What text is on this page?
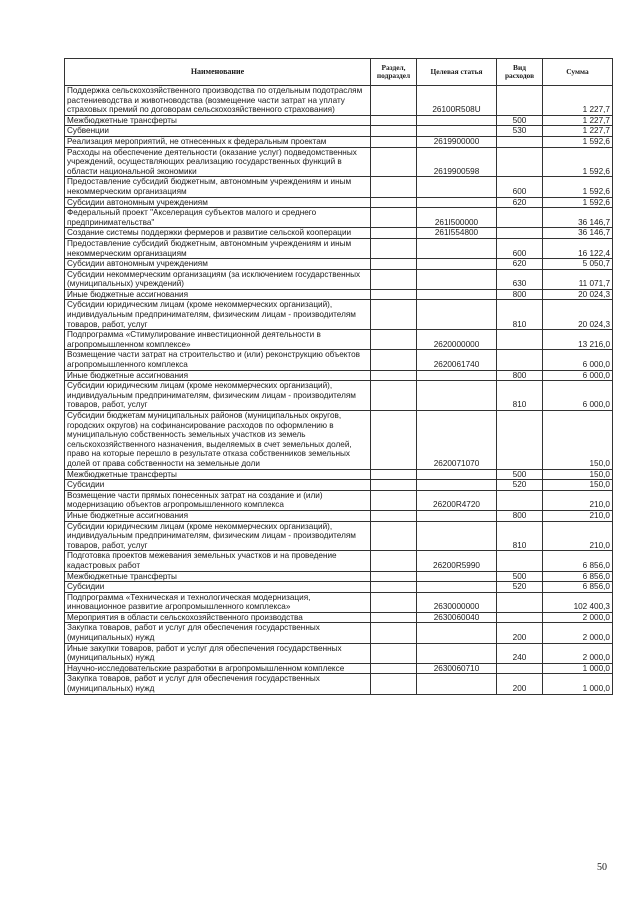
Наименование	Раздел, подраздел	Целевая статья	Вид расходов	Сумма
Поддержка сельскохозяйственного производства по отдельным подотраслям растениеводства и животноводства (возмещение части затрат на уплату страховых премий по договорам сельскохозяйственного страхования)		26100R508U		1 227,7
Межбюджетные трансферты			500	1 227,7
Субвенции			530	1 227,7
Реализация мероприятий, не отнесенных к федеральным проектам		2619900000		1 592,6
Расходы на обеспечение деятельности (оказание услуг) подведомственных учреждений, осуществляющих реализацию государственных функций в области национальной экономики		2619900598		1 592,6
Предоставление субсидий бюджетным, автономным учреждениям и иным некоммерческим организациям			600	1 592,6
Субсидии автономным учреждениям			620	1 592,6
Федеральный проект "Акселерация субъектов малого и среднего предпринимательства"		261I500000		36 146,7
Создание системы поддержки фермеров и развитие сельской кооперации		261I554800		36 146,7
Предоставление субсидий бюджетным, автономным учреждениям и иным некоммерческим организациям			600	16 122,4
Субсидии автономным учреждениям			620	5 050,7
Субсидии некоммерческим организациям (за исключением государственных (муниципальных) учреждений)			630	11 071,7
Иные бюджетные ассигнования			800	20 024,3
Субсидии юридическим лицам (кроме некоммерческих организаций), индивидуальным предпринимателям, физическим лицам - производителям товаров, работ, услуг			810	20 024,3
Подпрограмма «Стимулирование инвестиционной деятельности в агропромышленном комплексе»		2620000000		13 216,0
Возмещение части затрат на строительство и (или) реконструкцию объектов агропромышленного комплекса		2620061740		6 000,0
Иные бюджетные ассигнования			800	6 000,0
Субсидии юридическим лицам (кроме некоммерческих организаций), индивидуальным предпринимателям, физическим лицам - производителям товаров, работ, услуг			810	6 000,0
Субсидии бюджетам муниципальных районов (муниципальных округов, городских округов) на софинансирование расходов по оформлению в муниципальную собственность земельных участков из земель сельскохозяйственного назначения, выделяемых в счет земельных долей, право на которые перешло в результате отказа собственников земельных долей от права собственности на земельные доли		2620071070		150,0
Межбюджетные трансферты			500	150,0
Субсидии			520	150,0
Возмещение части прямых понесенных затрат на создание и (или) модернизацию объектов агропромышленного комплекса		26200R4720		210,0
Иные бюджетные ассигнования			800	210,0
Субсидии юридическим лицам (кроме некоммерческих организаций), индивидуальным предпринимателям, физическим лицам - производителям товаров, работ, услуг			810	210,0
Подготовка проектов межевания земельных участков и на проведение кадастровых работ		26200R5990		6 856,0
Межбюджетные трансферты			500	6 856,0
Субсидии			520	6 856,0
Подпрограмма «Техническая и технологическая модернизация, инновационное развитие агропромышленного комплекса»		2630000000		102 400,3
Мероприятия в области сельскохозяйственного производства		2630060040		2 000,0
Закупка товаров, работ и услуг для обеспечения государственных (муниципальных) нужд			200	2 000,0
Иные закупки товаров, работ и услуг для обеспечения государственных (муниципальных) нужд			240	2 000,0
Научно-исследовательские разработки в агропромышленном комплексе		2630060710		1 000,0
Закупка товаров, работ и услуг для обеспечения государственных (муниципальных) нужд			200	1 000,0
50
